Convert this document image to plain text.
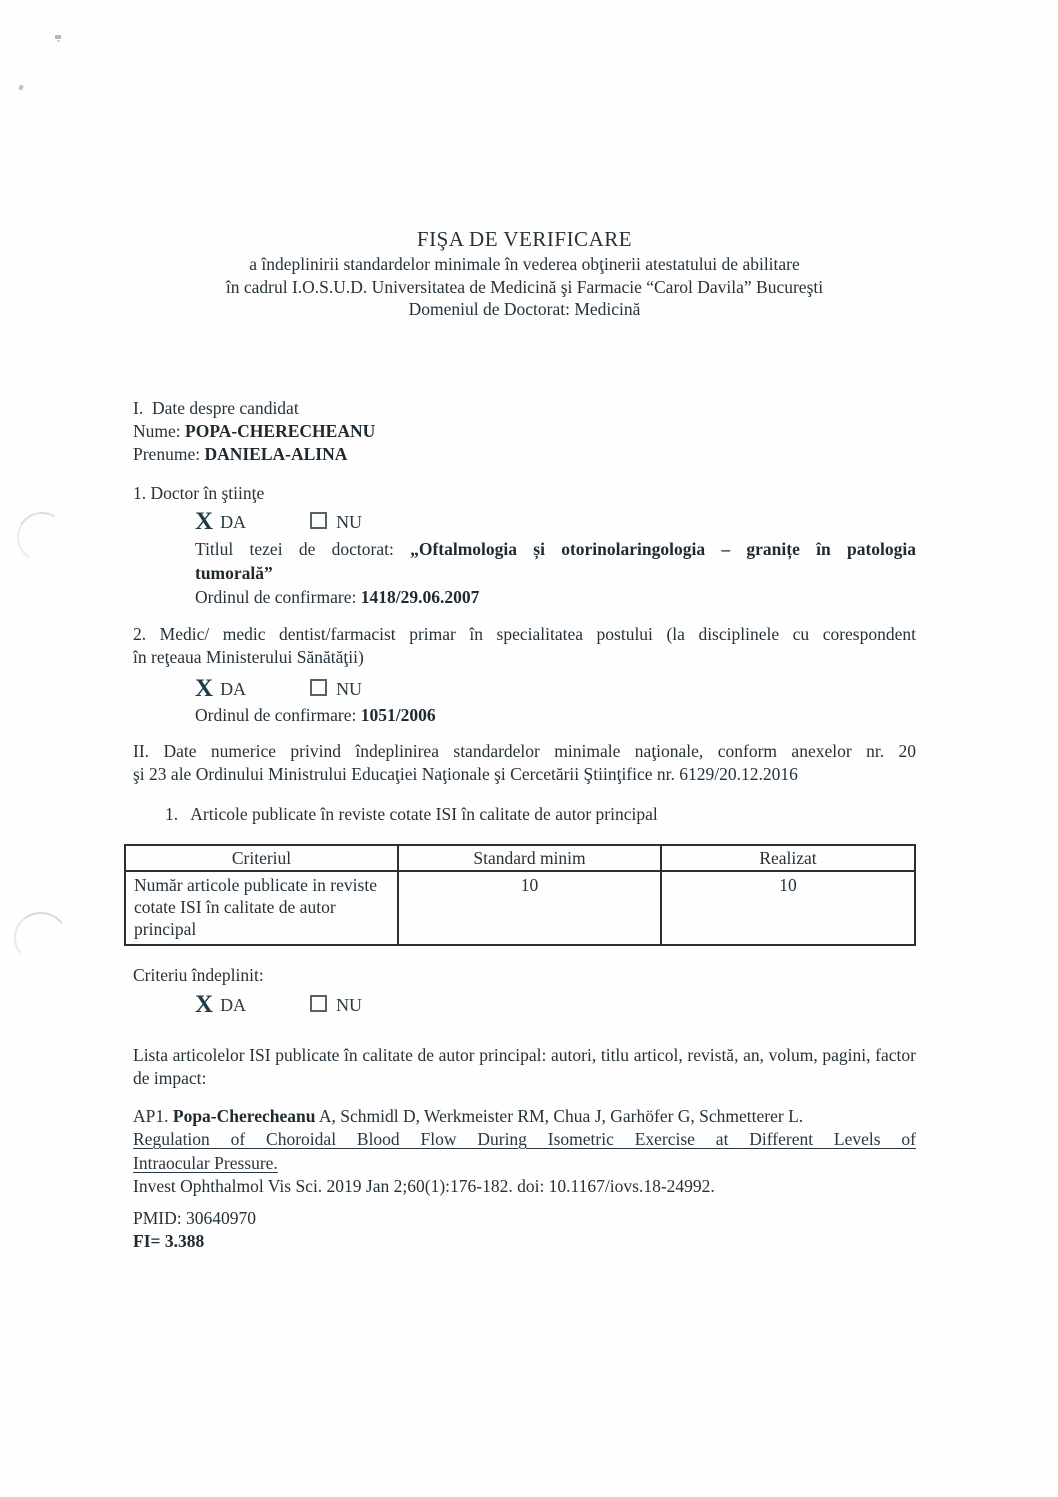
FIŞA DE VERIFICARE
a îndeplinirii standardelor minimale în vederea obţinerii atestatului de abilitare
în cadrul I.O.S.U.D. Universitatea de Medicină şi Farmacie “Carol Davila” Bucureşti
Domeniul de Doctorat: Medicină
I.  Date despre candidat
Nume: POPA-CHERECHEANU
Prenume: DANIELA-ALINA
1. Doctor în ştiinţe
X DA	NU
Titlul tezei de doctorat: „Oftalmologia și otorinolaringologia – granițe în patologia
tumorală”
Ordinul de confirmare: 1418/29.06.2007
2. Medic/ medic dentist/farmacist primar în specialitatea postului (la disciplinele cu corespondent
în reţeaua Ministerului Sănătăţii)
X DA	NU
Ordinul de confirmare: 1051/2006
II. Date numerice privind îndeplinirea standardelor minimale naţionale, conform anexelor nr. 20
şi 23 ale Ordinului Ministrului Educaţiei Naţionale şi Cercetării Ştiinţifice nr. 6129/20.12.2016
1.   Articole publicate în reviste cotate ISI în calitate de autor principal
Criteriul	Standard minim	Realizat
Număr articole publicate in reviste cotate ISI în calitate de autor principal	10	10
Criteriu îndeplinit:
X DA	NU
Lista articolelor ISI publicate în calitate de autor principal: autori, titlu articol, revistă, an, volum, pagini, factor de impact:
AP1. Popa-Cherecheanu A, Schmidl D, Werkmeister RM, Chua J, Garhöfer G, Schmetterer L.
Regulation of Choroidal Blood Flow During Isometric Exercise at Different Levels of
Intraocular Pressure.
Invest Ophthalmol Vis Sci. 2019 Jan 2;60(1):176-182. doi: 10.1167/iovs.18-24992.
PMID: 30640970
FI= 3.388
